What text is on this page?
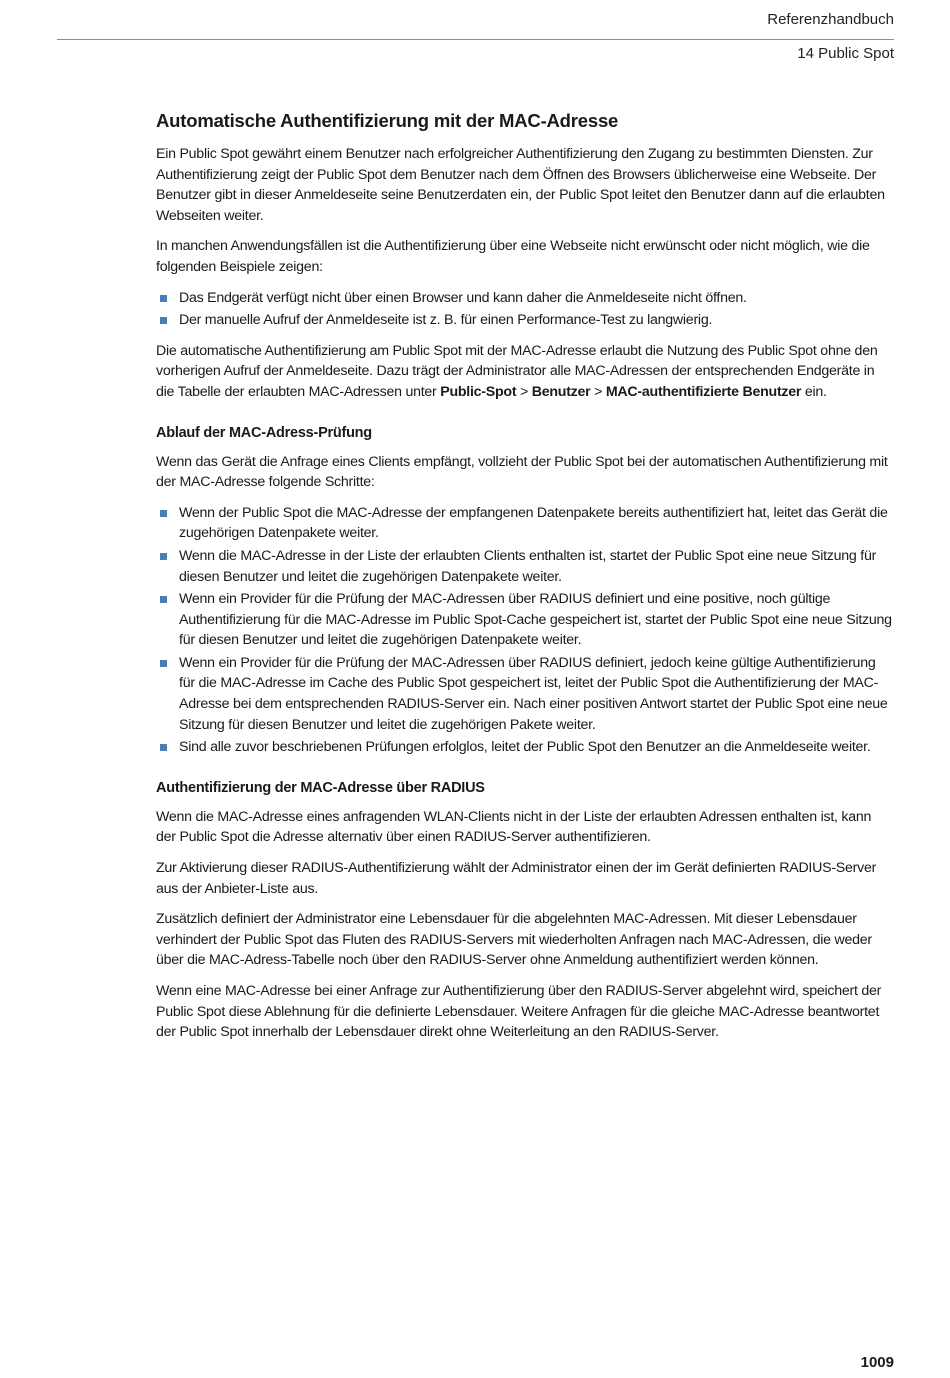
Referenzhandbuch
14 Public Spot
Automatische Authentifizierung mit der MAC-Adresse

Ein Public Spot gewährt einem Benutzer nach erfolgreicher Authentifizierung den Zugang zu bestimmten Diensten. Zur Authentifizierung zeigt der Public Spot dem Benutzer nach dem Öffnen des Browsers üblicherweise eine Webseite. Der Benutzer gibt in dieser Anmeldeseite seine Benutzerdaten ein, der Public Spot leitet den Benutzer dann auf die erlaubten Webseiten weiter.

In manchen Anwendungsfällen ist die Authentifizierung über eine Webseite nicht erwünscht oder nicht möglich, wie die folgenden Beispiele zeigen:

Das Endgerät verfügt nicht über einen Browser und kann daher die Anmeldeseite nicht öffnen.
Der manuelle Aufruf der Anmeldeseite ist z. B. für einen Performance-Test zu langwierig.

Die automatische Authentifizierung am Public Spot mit der MAC-Adresse erlaubt die Nutzung des Public Spot ohne den vorherigen Aufruf der Anmeldeseite. Dazu trägt der Administrator alle MAC-Adressen der entsprechenden Endgeräte in die Tabelle der erlaubten MAC-Adressen unter Public-Spot > Benutzer > MAC-authentifizierte Benutzer ein.

Ablauf der MAC-Adress-Prüfung

Wenn das Gerät die Anfrage eines Clients empfängt, vollzieht der Public Spot bei der automatischen Authentifizierung mit der MAC-Adresse folgende Schritte:

Wenn der Public Spot die MAC-Adresse der empfangenen Datenpakete bereits authentifiziert hat, leitet das Gerät die zugehörigen Datenpakete weiter.
Wenn die MAC-Adresse in der Liste der erlaubten Clients enthalten ist, startet der Public Spot eine neue Sitzung für diesen Benutzer und leitet die zugehörigen Datenpakete weiter.
Wenn ein Provider für die Prüfung der MAC-Adressen über RADIUS definiert und eine positive, noch gültige Authentifizierung für die MAC-Adresse im Public Spot-Cache gespeichert ist, startet der Public Spot eine neue Sitzung für diesen Benutzer und leitet die zugehörigen Datenpakete weiter.
Wenn ein Provider für die Prüfung der MAC-Adressen über RADIUS definiert, jedoch keine gültige Authentifizierung für die MAC-Adresse im Cache des Public Spot gespeichert ist, leitet der Public Spot die Authentifizierung der MAC-Adresse bei dem entsprechenden RADIUS-Server ein. Nach einer positiven Antwort startet der Public Spot eine neue Sitzung für diesen Benutzer und leitet die zugehörigen Pakete weiter.
Sind alle zuvor beschriebenen Prüfungen erfolglos, leitet der Public Spot den Benutzer an die Anmeldeseite weiter.
Authentifizierung der MAC-Adresse über RADIUS

Wenn die MAC-Adresse eines anfragenden WLAN-Clients nicht in der Liste der erlaubten Adressen enthalten ist, kann der Public Spot die Adresse alternativ über einen RADIUS-Server authentifizieren.

Zur Aktivierung dieser RADIUS-Authentifizierung wählt der Administrator einen der im Gerät definierten RADIUS-Server aus der Anbieter-Liste aus.

Zusätzlich definiert der Administrator eine Lebensdauer für die abgelehnten MAC-Adressen. Mit dieser Lebensdauer verhindert der Public Spot das Fluten des RADIUS-Servers mit wiederholten Anfragen nach MAC-Adressen, die weder über die MAC-Adress-Tabelle noch über den RADIUS-Server ohne Anmeldung authentifiziert werden können.

Wenn eine MAC-Adresse bei einer Anfrage zur Authentifizierung über den RADIUS-Server abgelehnt wird, speichert der Public Spot diese Ablehnung für die definierte Lebensdauer. Weitere Anfragen für die gleiche MAC-Adresse beantwortet der Public Spot innerhalb der Lebensdauer direkt ohne Weiterleitung an den RADIUS-Server.

1009
